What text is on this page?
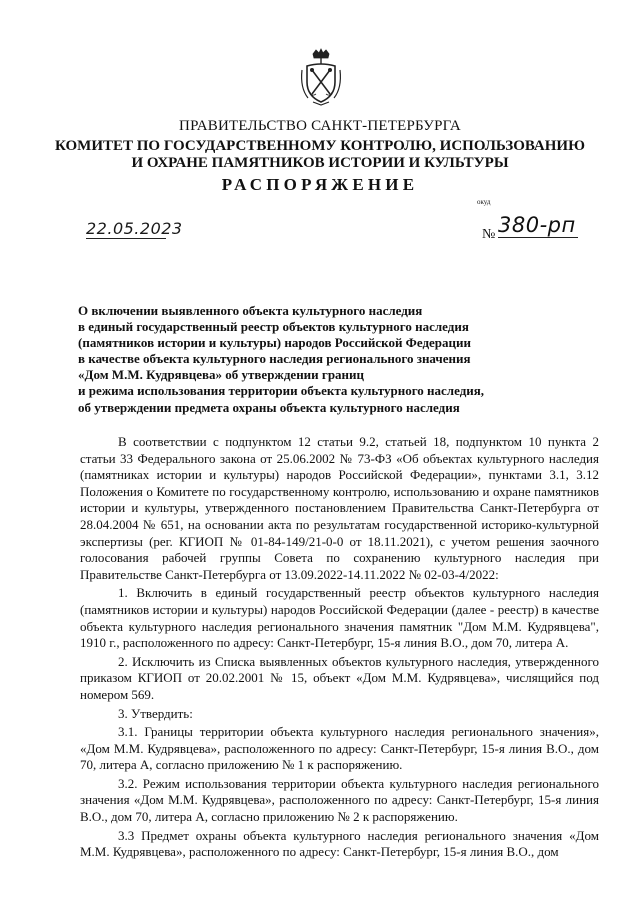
ПРАВИТЕЛЬСТВО САНКТ-ПЕТЕРБУРГА
КОМИТЕТ ПО ГОСУДАРСТВЕННОМУ КОНТРОЛЮ, ИСПОЛЬЗОВАНИЮ
И ОХРАНЕ ПАМЯТНИКОВ ИСТОРИИ И КУЛЬТУРЫ
РАСПОРЯЖЕНИЕ
окуд
22.05.2023	№ 380-рп
О включении выявленного объекта культурного наследия
в единый государственный реестр объектов культурного наследия
(памятников истории и культуры) народов Российской Федерации
в качестве объекта культурного наследия регионального значения
«Дом М.М. Кудрявцева» об утверждении границ
и режима использования территории объекта культурного наследия,
об утверждении предмета охраны объекта культурного наследия

В соответствии с подпунктом 12 статьи 9.2, статьей 18, подпунктом 10 пункта 2 статьи 33 Федерального закона от 25.06.2002 № 73-ФЗ «Об объектах культурного наследия (памятниках истории и культуры) народов Российской Федерации», пунктами 3.1, 3.12 Положения о Комитете по государственному контролю, использованию и охране памятников истории и культуры, утвержденного постановлением Правительства Санкт-Петербурга от 28.04.2004 № 651, на основании акта по результатам государственной историко-культурной экспертизы (рег. КГИОП № 01-84-149/21-0-0 от 18.11.2021), с учетом решения заочного голосования рабочей группы Совета по сохранению культурного наследия при Правительстве Санкт-Петербурга от 13.09.2022-14.11.2022 № 02-03-4/2022:

1. Включить в единый государственный реестр объектов культурного наследия (памятников истории и культуры) народов Российской Федерации (далее - реестр) в качестве объекта культурного наследия регионального значения памятник "Дом М.М. Кудрявцева", 1910 г., расположенного по адресу: Санкт-Петербург, 15-я линия В.О., дом 70, литера А.

2. Исключить из Списка выявленных объектов культурного наследия, утвержденного приказом КГИОП от 20.02.2001 № 15, объект «Дом М.М. Кудрявцева», числящийся под номером 569.

3. Утвердить:

3.1. Границы территории объекта культурного наследия регионального значения», «Дом М.М. Кудрявцева», расположенного по адресу: Санкт-Петербург, 15-я линия В.О., дом 70, литера А, согласно приложению № 1 к распоряжению.

3.2. Режим использования территории объекта культурного наследия регионального значения «Дом М.М. Кудрявцева», расположенного по адресу: Санкт-Петербург, 15-я линия В.О., дом 70, литера А, согласно приложению № 2 к распоряжению.

3.3 Предмет охраны объекта культурного наследия регионального значения «Дом М.М. Кудрявцева», расположенного по адресу: Санкт-Петербург, 15-я линия В.О., дом
